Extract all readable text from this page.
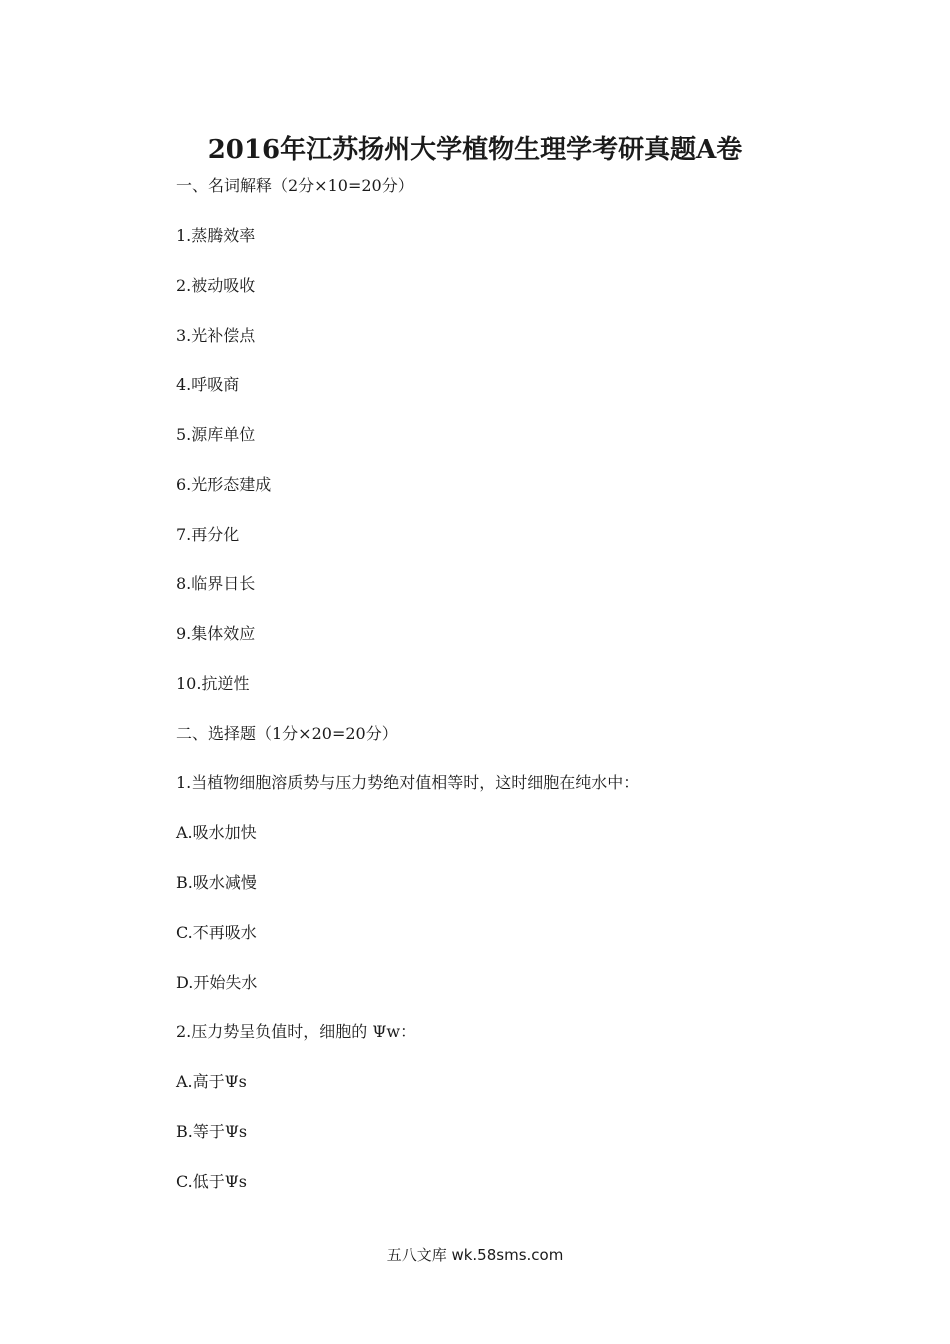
2016年江苏扬州大学植物生理学考研真题A卷
一、名词解释（2分×10=20分）
1.蒸腾效率
2.被动吸收
3.光补偿点
4.呼吸商
5.源库单位
6.光形态建成
7.再分化
8.临界日长
9.集体效应
10.抗逆性
二、选择题（1分×20=20分）
1.当植物细胞溶质势与压力势绝对值相等时，这时细胞在纯水中：
A.吸水加快
B.吸水减慢
C.不再吸水
D.开始失水
2.压力势呈负值时，细胞的 Ψw：
A.高于Ψs
B.等于Ψs
C.低于Ψs
五八文库 wk.58sms.com
